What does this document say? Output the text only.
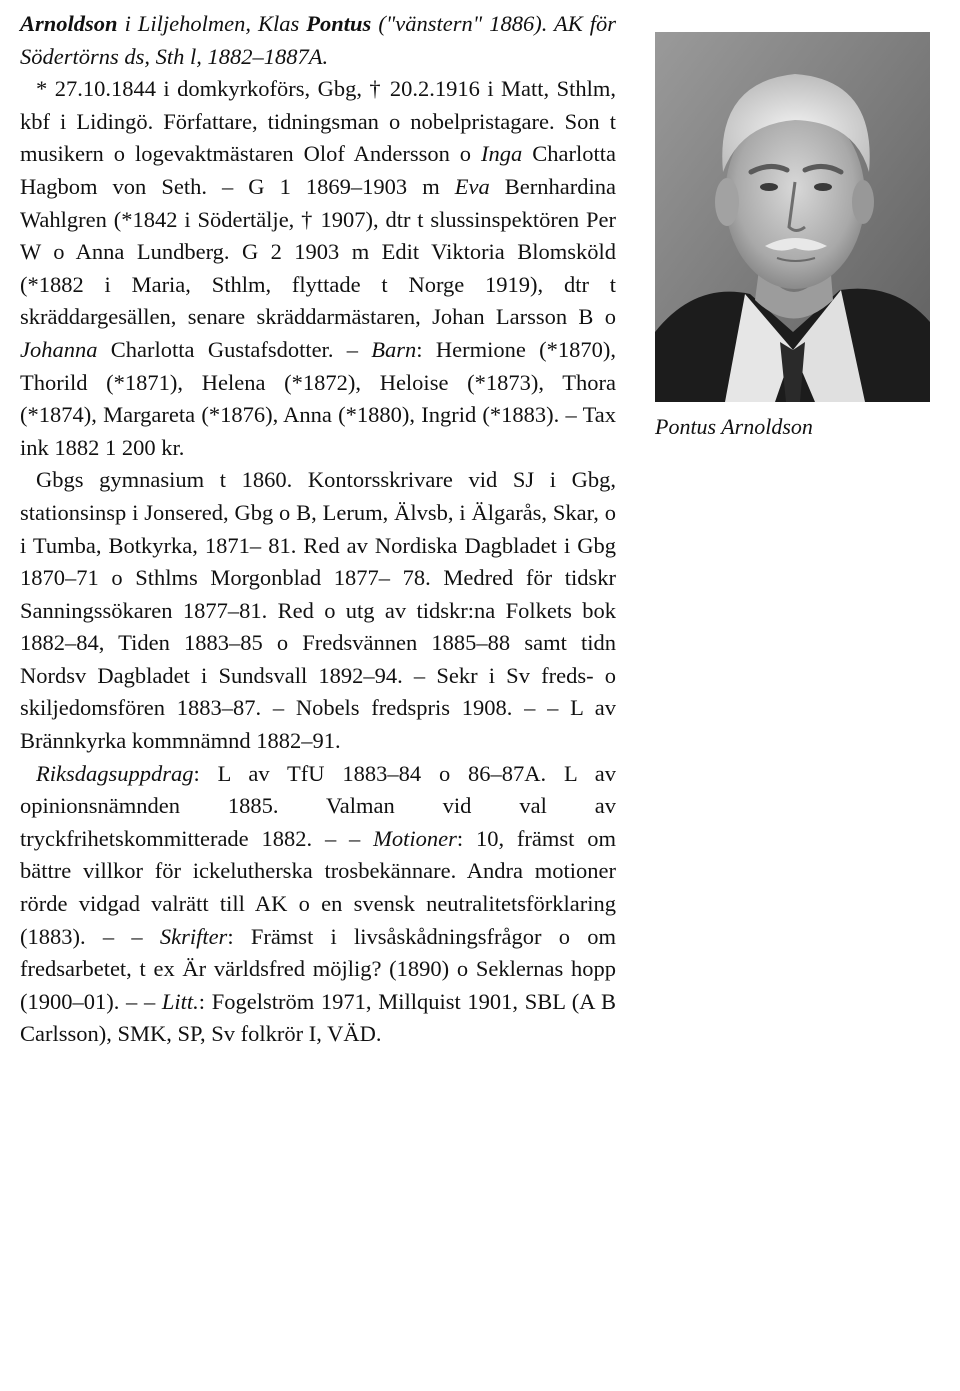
Arnoldson i Liljeholmen, Klas Pontus ("vänstern" 1886). AK för Södertörns ds, Sth l, 1882–1887A.

* 27.10.1844 i domkyrkoförs, Gbg, † 20.2.1916 i Matt, Sthlm, kbf i Lidingö. Författare, tidningsman o nobelpristagare. Son t musikern o logevaktmästaren Olof Andersson o Inga Charlotta Hagbom von Seth. – G 1 1869–1903 m Eva Bernhardina Wahlgren (*1842 i Södertälje, † 1907), dtr t slussinspektören Per W o Anna Lundberg. G 2 1903 m Edit Viktoria Blomsköld (*1882 i Maria, Sthlm, flyttade t Norge 1919), dtr t skräddargesällen, senare skräddarmästaren, Johan Larsson B o Johanna Charlotta Gustafsdotter. – Barn: Hermione (*1870), Thorild (*1871), Helena (*1872), Heloise (*1873), Thora (*1874), Margareta (*1876), Anna (*1880), Ingrid (*1883). – Tax ink 1882 1 200 kr.

Gbgs gymnasium t 1860. Kontorsskrivare vid SJ i Gbg, stationsinsp i Jonsered, Gbg o B, Lerum, Älvsb, i Älgarås, Skar, o i Tumba, Botkyrka, 1871– 81. Red av Nordiska Dagbladet i Gbg 1870–71 o Sthlms Morgonblad 1877– 78. Medred för tidskr Sanningssökaren 1877–81. Red o utg av tidskr:na Folkets bok 1882–84, Tiden 1883–85 o Fredsvännen 1885–88 samt tidn Nordsv Dagbladet i Sundsvall 1892–94. – Sekr i Sv freds- o skiljedomsfören 1883–87. – Nobels fredspris 1908. – – L av Brännkyrka kommnämnd 1882–91.

Riksdagsuppdrag: L av TfU 1883–84 o 86–87A. L av opinionsnämnden 1885. Valman vid val av tryckfrihetskommitterade 1882. – – Motioner: 10, främst om bättre villkor för ickelutherska trosbekännare. Andra motioner rörde vidgad valrätt till AK o en svensk neutralitetsförklaring (1883). – – Skrifter: Främst i livsåskådningsfrågor o om fredsarbetet, t ex Är världsfred möjlig? (1890) o Seklernas hopp (1900–01). – – Litt.: Fogelström 1971, Millquist 1901, SBL (A B Carlsson), SMK, SP, Sv folkrör I, VÄD.

Pontus Arnoldson
